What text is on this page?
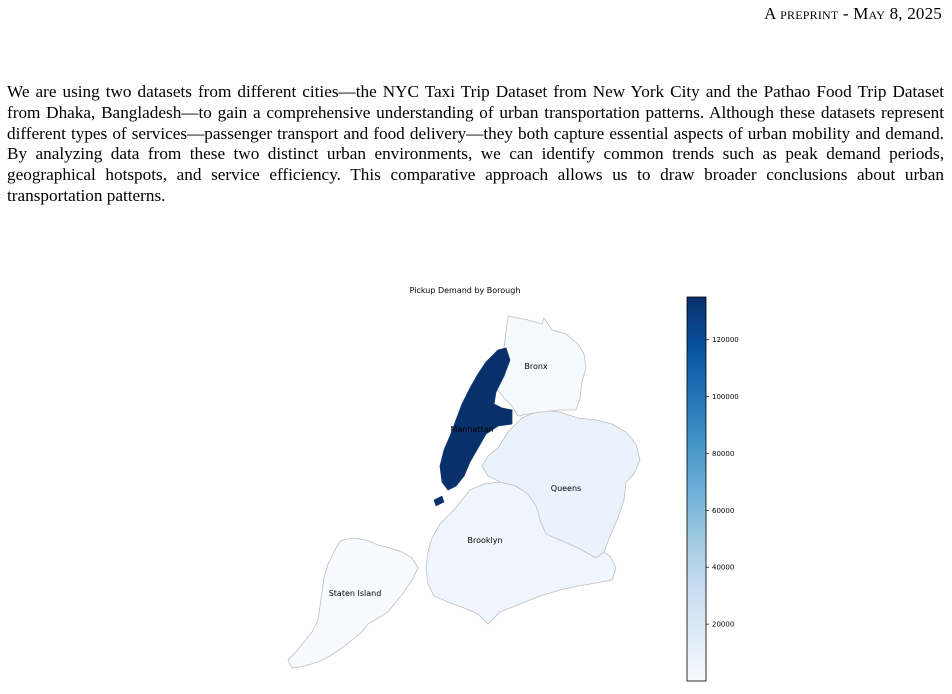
A preprint - May 8, 2025

We are using two datasets from different cities—the NYC Taxi Trip Dataset from New York City and the Pathao Food Trip Dataset from Dhaka, Bangladesh—to gain a comprehensive understanding of urban transportation patterns. Although these datasets represent different types of services—passenger transport and food delivery—they both capture essential aspects of urban mobility and demand. By analyzing data from these two distinct urban environments, we can identify common trends such as peak demand periods, geographical hotspots, and service efficiency. This comparative approach allows us to draw broader conclusions about urban transportation patterns.

Pickup Demand by Borough
Bronx
Manhattan
Queens
Brooklyn
Staten Island
20000
40000
60000
80000
100000
120000
